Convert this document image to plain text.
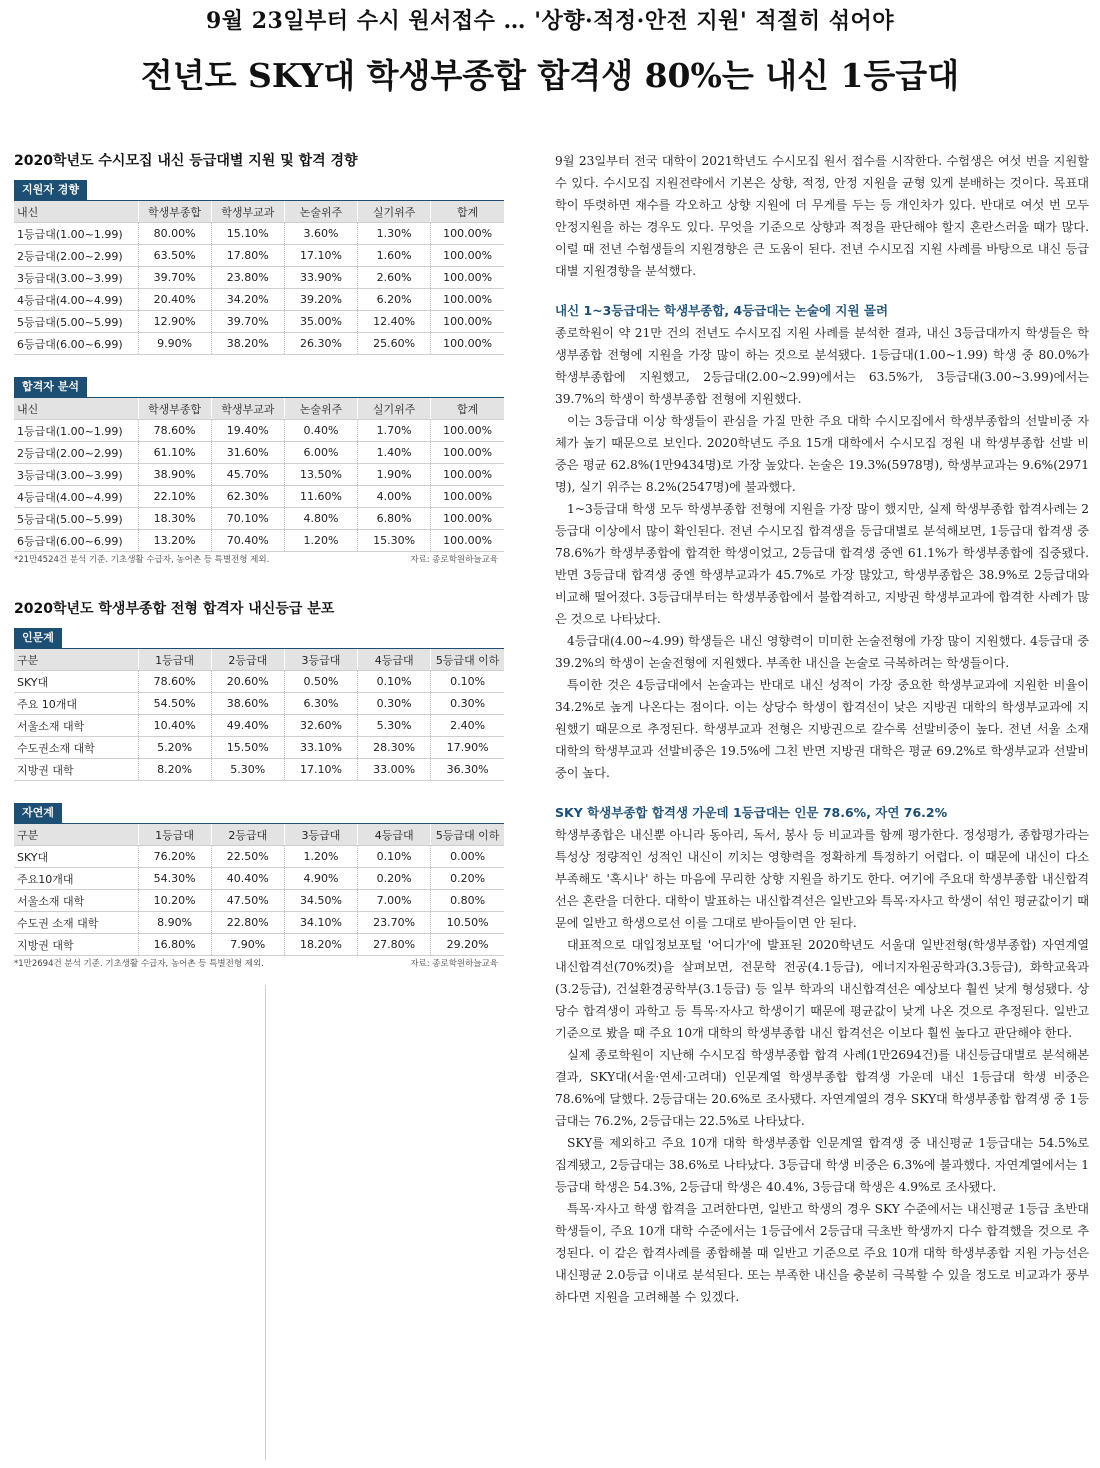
9월 23일부터 수시 원서접수 … '상향·적정·안전 지원' 적절히 섞어야
전년도 SKY대 학생부종합 합격생 80%는 내신 1등급대
2020학년도 수시모집 내신 등급대별 지원 및 합격 경향
지원자 경향
내신	학생부종합	학생부교과	논술위주	실기위주	합계
1등급대(1.00~1.99)	80.00%	15.10%	3.60%	1.30%	100.00%
2등급대(2.00~2.99)	63.50%	17.80%	17.10%	1.60%	100.00%
3등급대(3.00~3.99)	39.70%	23.80%	33.90%	2.60%	100.00%
4등급대(4.00~4.99)	20.40%	34.20%	39.20%	6.20%	100.00%
5등급대(5.00~5.99)	12.90%	39.70%	35.00%	12.40%	100.00%
6등급대(6.00~6.99)	9.90%	38.20%	26.30%	25.60%	100.00%
합격자 분석
내신	학생부종합	학생부교과	논술위주	실기위주	합계
1등급대(1.00~1.99)	78.60%	19.40%	0.40%	1.70%	100.00%
2등급대(2.00~2.99)	61.10%	31.60%	6.00%	1.40%	100.00%
3등급대(3.00~3.99)	38.90%	45.70%	13.50%	1.90%	100.00%
4등급대(4.00~4.99)	22.10%	62.30%	11.60%	4.00%	100.00%
5등급대(5.00~5.99)	18.30%	70.10%	4.80%	6.80%	100.00%
6등급대(6.00~6.99)	13.20%	70.40%	1.20%	15.30%	100.00%
*21만4524건 분석 기준. 기초생활 수급자, 농어촌 등 특별전형 제외.	자료: 종로학원하늘교육
2020학년도 학생부종합 전형 합격자 내신등급 분포
인문계
구분	1등급대	2등급대	3등급대	4등급대	5등급대 이하
SKY대	78.60%	20.60%	0.50%	0.10%	0.10%
주요 10개대	54.50%	38.60%	6.30%	0.30%	0.30%
서울소재 대학	10.40%	49.40%	32.60%	5.30%	2.40%
수도권소재 대학	5.20%	15.50%	33.10%	28.30%	17.90%
지방권 대학	8.20%	5.30%	17.10%	33.00%	36.30%
자연계
구분	1등급대	2등급대	3등급대	4등급대	5등급대 이하
SKY대	76.20%	22.50%	1.20%	0.10%	0.00%
주요10개대	54.30%	40.40%	4.90%	0.20%	0.20%
서울소재 대학	10.20%	47.50%	34.50%	7.00%	0.80%
수도권 소재 대학	8.90%	22.80%	34.10%	23.70%	10.50%
지방권 대학	16.80%	7.90%	18.20%	27.80%	29.20%
*1만2694건 분석 기준. 기초생활 수급자, 농어촌 등 특별전형 제외.	자료: 종로학원하늘교육

9월 23일부터 전국 대학이 2021학년도 수시모집 원서 접수를 시작한다. 수험생은 여섯 번을 지원할 수 있다. 수시모집 지원전략에서 기본은 상향, 적정, 안정 지원을 균형 있게 분배하는 것이다. 목표대학이 뚜렷하면 재수를 각오하고 상향 지원에 더 무게를 두는 등 개인차가 있다. 반대로 여섯 번 모두 안정지원을 하는 경우도 있다. 무엇을 기준으로 상향과 적정을 판단해야 할지 혼란스러울 때가 많다. 이럴 때 전년 수험생들의 지원경향은 큰 도움이 된다. 전년 수시모집 지원 사례를 바탕으로 내신 등급대별 지원경향을 분석했다.

내신 1~3등급대는 학생부종합, 4등급대는 논술에 지원 몰려

종로학원이 약 21만 건의 전년도 수시모집 지원 사례를 분석한 결과, 내신 3등급대까지 학생들은 학생부종합 전형에 지원을 가장 많이 하는 것으로 분석됐다. 1등급대(1.00~1.99) 학생 중 80.0%가 학생부종합에 지원했고, 2등급대(2.00~2.99)에서는 63.5%가, 3등급대(3.00~3.99)에서는 39.7%의 학생이 학생부종합 전형에 지원했다.

이는 3등급대 이상 학생들이 관심을 가질 만한 주요 대학 수시모집에서 학생부종합의 선발비중 자체가 높기 때문으로 보인다. 2020학년도 주요 15개 대학에서 수시모집 정원 내 학생부종합 선발 비중은 평균 62.8%(1만9434명)로 가장 높았다. 논술은 19.3%(5978명), 학생부교과는 9.6%(2971명), 실기 위주는 8.2%(2547명)에 불과했다.

1~3등급대 학생 모두 학생부종합 전형에 지원을 가장 많이 했지만, 실제 학생부종합 합격사례는 2등급대 이상에서 많이 확인된다. 전년 수시모집 합격생을 등급대별로 분석해보면, 1등급대 합격생 중 78.6%가 학생부종합에 합격한 학생이었고, 2등급대 합격생 중엔 61.1%가 학생부종합에 집중됐다. 반면 3등급대 합격생 중엔 학생부교과가 45.7%로 가장 많았고, 학생부종합은 38.9%로 2등급대와 비교해 떨어졌다. 3등급대부터는 학생부종합에서 불합격하고, 지방권 학생부교과에 합격한 사례가 많은 것으로 나타났다.

4등급대(4.00~4.99) 학생들은 내신 영향력이 미미한 논술전형에 가장 많이 지원했다. 4등급대 중 39.2%의 학생이 논술전형에 지원했다. 부족한 내신을 논술로 극복하려는 학생들이다.

특이한 것은 4등급대에서 논술과는 반대로 내신 성적이 가장 중요한 학생부교과에 지원한 비율이 34.2%로 높게 나온다는 점이다. 이는 상당수 학생이 합격선이 낮은 지방권 대학의 학생부교과에 지원했기 때문으로 추정된다. 학생부교과 전형은 지방권으로 갈수록 선발비중이 높다. 전년 서울 소재 대학의 학생부교과 선발비중은 19.5%에 그친 반면 지방권 대학은 평균 69.2%로 학생부교과 선발비중이 높다.

SKY 학생부종합 합격생 가운데 1등급대는 인문 78.6%, 자연 76.2%

학생부종합은 내신뿐 아니라 동아리, 독서, 봉사 등 비교과를 함께 평가한다. 정성평가, 종합평가라는 특성상 정량적인 성적인 내신이 끼치는 영향력을 정확하게 특정하기 어렵다. 이 때문에 내신이 다소 부족해도 '혹시나' 하는 마음에 무리한 상향 지원을 하기도 한다. 여기에 주요대 학생부종합 내신합격선은 혼란을 더한다. 대학이 발표하는 내신합격선은 일반고와 특목·자사고 학생이 섞인 평균값이기 때문에 일반고 학생으로선 이를 그대로 받아들이면 안 된다.

대표적으로 대입정보포털 '어디가'에 발표된 2020학년도 서울대 일반전형(학생부종합) 자연계열 내신합격선(70%컷)을 살펴보면, 전문학 전공(4.1등급), 에너지자원공학과(3.3등급), 화학교육과(3.2등급), 건설환경공학부(3.1등급) 등 일부 학과의 내신합격선은 예상보다 훨씬 낮게 형성됐다. 상당수 합격생이 과학고 등 특목·자사고 학생이기 때문에 평균값이 낮게 나온 것으로 추정된다. 일반고 기준으로 봤을 때 주요 10개 대학의 학생부종합 내신 합격선은 이보다 훨씬 높다고 판단해야 한다.

실제 종로학원이 지난해 수시모집 학생부종합 합격 사례(1만2694건)를 내신등급대별로 분석해본 결과, SKY대(서울·연세·고려대) 인문계열 학생부종합 합격생 가운데 내신 1등급대 학생 비중은 78.6%에 달했다. 2등급대는 20.6%로 조사됐다. 자연계열의 경우 SKY대 학생부종합 합격생 중 1등급대는 76.2%, 2등급대는 22.5%로 나타났다.

SKY를 제외하고 주요 10개 대학 학생부종합 인문계열 합격생 중 내신평균 1등급대는 54.5%로 집계됐고, 2등급대는 38.6%로 나타났다. 3등급대 학생 비중은 6.3%에 불과했다. 자연계열에서는 1등급대 학생은 54.3%, 2등급대 학생은 40.4%, 3등급대 학생은 4.9%로 조사됐다.

특목·자사고 학생 합격을 고려한다면, 일반고 학생의 경우 SKY 수준에서는 내신평균 1등급 초반대 학생들이, 주요 10개 대학 수준에서는 1등급에서 2등급대 극초반 학생까지 다수 합격했을 것으로 추정된다. 이 같은 합격사례를 종합해볼 때 일반고 기준으로 주요 10개 대학 학생부종합 지원 가능선은 내신평균 2.0등급 이내로 분석된다. 또는 부족한 내신을 충분히 극복할 수 있을 정도로 비교과가 풍부하다면 지원을 고려해볼 수 있겠다.
